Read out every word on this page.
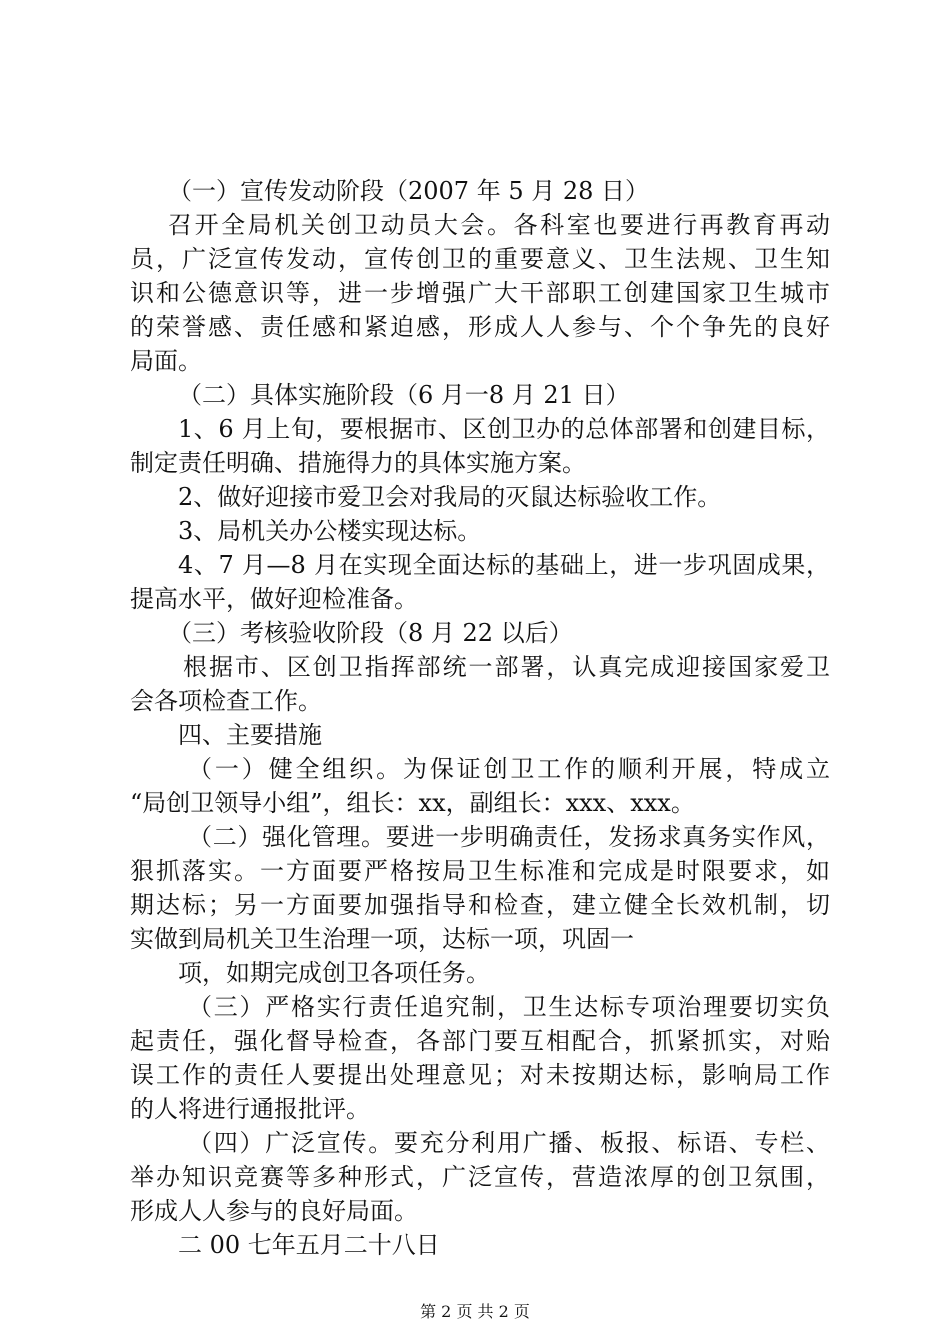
（一）宣传发动阶段（2007 年 5 月 28 日）
召开全局机关创卫动员大会。各科室也要进行再教育再动
员，广泛宣传发动，宣传创卫的重要意义、卫生法规、卫生知
识和公德意识等，进一步增强广大干部职工创建国家卫生城市
的荣誉感、责任感和紧迫感，形成人人参与、个个争先的良好
局面。
（二）具体实施阶段（6 月一8 月 21 日）
1、6 月上旬，要根据市、区创卫办的总体部署和创建目标，
制定责任明确、措施得力的具体实施方案。
2、做好迎接市爱卫会对我局的灭鼠达标验收工作。
3、局机关办公楼实现达标。
4、7 月—8 月在实现全面达标的基础上，进一步巩固成果，
提高水平，做好迎检准备。
（三）考核验收阶段（8 月 22 以后）
根据市、区创卫指挥部统一部署，认真完成迎接国家爱卫
会各项检查工作。
四、主要措施
（一）健全组织。为保证创卫工作的顺利开展，特成立
“局创卫领导小组”，组长：xx，副组长：xxx、xxx。
（二）强化管理。要进一步明确责任，发扬求真务实作风，
狠抓落实。一方面要严格按局卫生标准和完成是时限要求，如
期达标；另一方面要加强指导和检查，建立健全长效机制，切
实做到局机关卫生治理一项，达标一项，巩固一
项，如期完成创卫各项任务。
（三）严格实行责任追究制，卫生达标专项治理要切实负
起责任，强化督导检查，各部门要互相配合，抓紧抓实，对贻
误工作的责任人要提出处理意见；对未按期达标，影响局工作
的人将进行通报批评。
（四）广泛宣传。要充分利用广播、板报、标语、专栏、
举办知识竞赛等多种形式，广泛宣传，营造浓厚的创卫氛围，
形成人人参与的良好局面。
二 00 七年五月二十八日
第 2 页 共 2 页
